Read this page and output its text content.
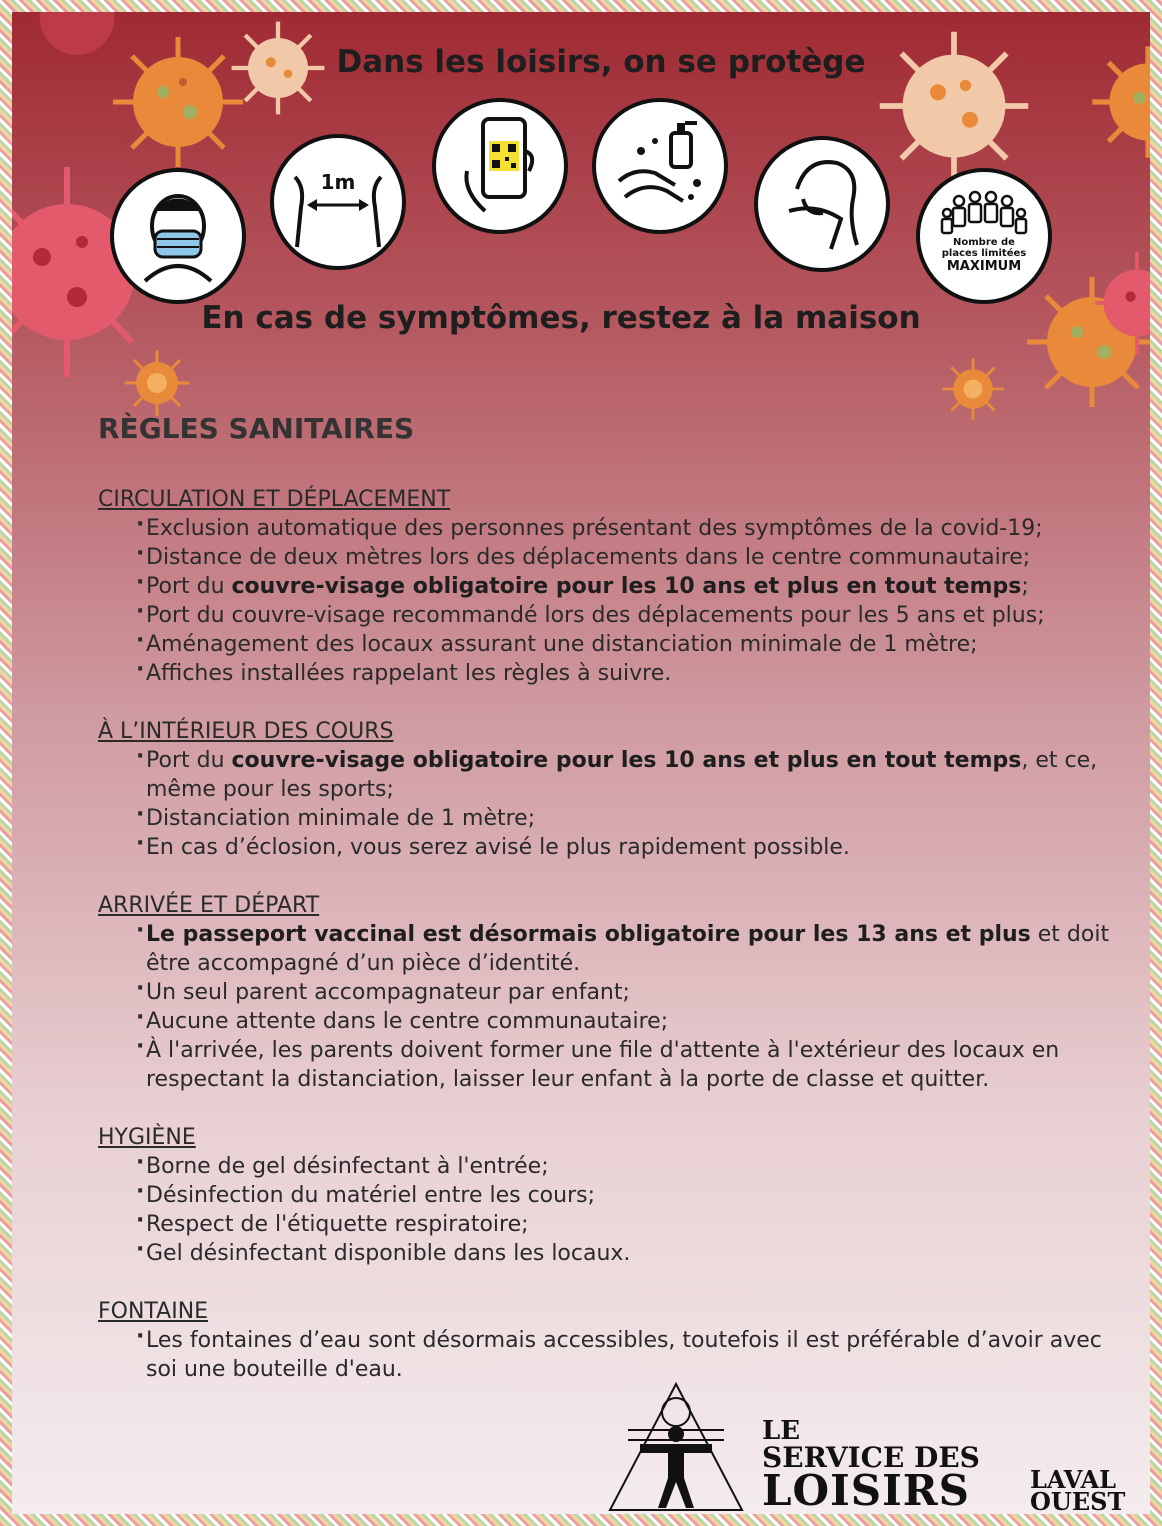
Dans les loisirs, on se protège
1m
Nombre de
places limitées
MAXIMUM
En cas de symptômes, restez à la maison
RÈGLES SANITAIRES
CIRCULATION ET DÉPLACEMENT
· Exclusion automatique des personnes présentant des symptômes de la covid-19;
· Distance de deux mètres lors des déplacements dans le centre communautaire;
· Port du couvre-visage obligatoire pour les 10 ans et plus en tout temps;
· Port du couvre-visage recommandé lors des déplacements pour les 5 ans et plus;
· Aménagement des locaux assurant une distanciation minimale de 1 mètre;
· Affiches installées rappelant les règles à suivre.
À L’INTÉRIEUR DES COURS
· Port du couvre-visage obligatoire pour les 10 ans et plus en tout temps, et ce, même pour les sports;
· Distanciation minimale de 1 mètre;
· En cas d’éclosion, vous serez avisé le plus rapidement possible.
ARRIVÉE ET DÉPART
· Le passeport vaccinal est désormais obligatoire pour les 13 ans et plus et doit être accompagné d’un pièce d’identité.
· Un seul parent accompagnateur par enfant;
· Aucune attente dans le centre communautaire;
· À l'arrivée, les parents doivent former une file d'attente à l'extérieur des locaux en respectant la distanciation, laisser leur enfant à la porte de classe et quitter.
HYGIÈNE
· Borne de gel désinfectant à l'entrée;
· Désinfection du matériel entre les cours;
· Respect de l'étiquette respiratoire;
· Gel désinfectant disponible dans les locaux.
FONTAINE
· Les fontaines d’eau sont désormais accessibles, toutefois il est préférable d’avoir avec soi une bouteille d'eau.
LE
SERVICE DES
LOISIRS	LAVAL
OUEST
